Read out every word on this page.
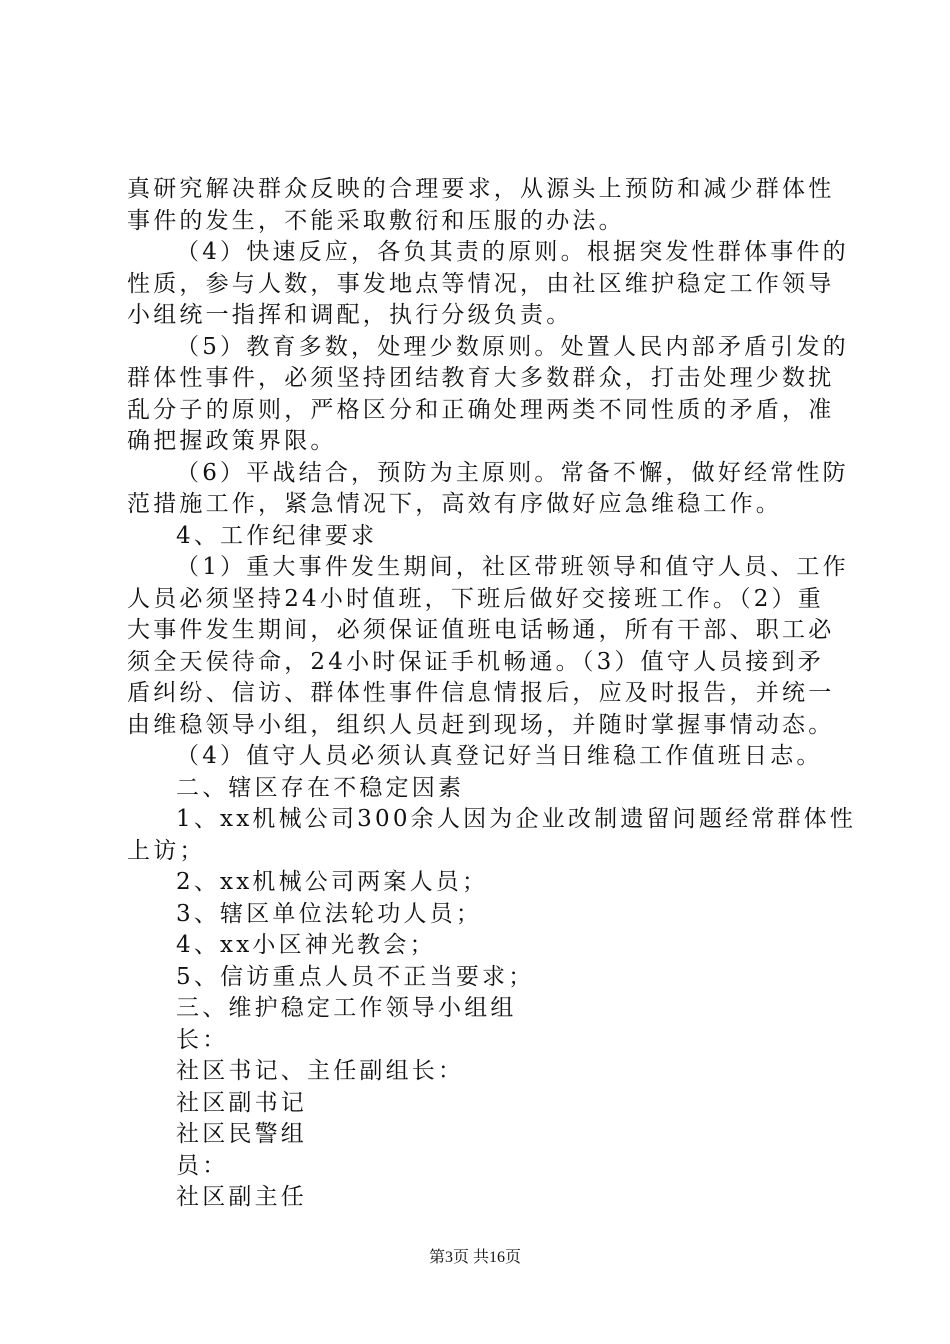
真研究解决群众反映的合理要求，从源头上预防和减少群体性
事件的发生，不能采取敷衍和压服的办法。
（4）快速反应，各负其责的原则。根据突发性群体事件的
性质，参与人数，事发地点等情况，由社区维护稳定工作领导
小组统一指挥和调配，执行分级负责。
（5）教育多数，处理少数原则。处置人民内部矛盾引发的
群体性事件，必须坚持团结教育大多数群众，打击处理少数扰
乱分子的原则，严格区分和正确处理两类不同性质的矛盾，准
确把握政策界限。
（6）平战结合，预防为主原则。常备不懈，做好经常性防
范措施工作，紧急情况下，高效有序做好应急维稳工作。
4、工作纪律要求
（1）重大事件发生期间，社区带班领导和值守人员、工作
人员必须坚持24小时值班，下班后做好交接班工作。（2）重
大事件发生期间，必须保证值班电话畅通，所有干部、职工必
须全天侯待命，24小时保证手机畅通。（3）值守人员接到矛
盾纠纷、信访、群体性事件信息情报后，应及时报告，并统一
由维稳领导小组，组织人员赶到现场，并随时掌握事情动态。
（4）值守人员必须认真登记好当日维稳工作值班日志。
二、辖区存在不稳定因素
1、xx机械公司300余人因为企业改制遗留问题经常群体性
上访；
2、xx机械公司两案人员；
3、辖区单位法轮功人员；
4、xx小区神光教会；
5、信访重点人员不正当要求；
三、维护稳定工作领导小组组
长：
社区书记、主任副组长：
社区副书记
社区民警组
员：
社区副主任
第3页 共16页
